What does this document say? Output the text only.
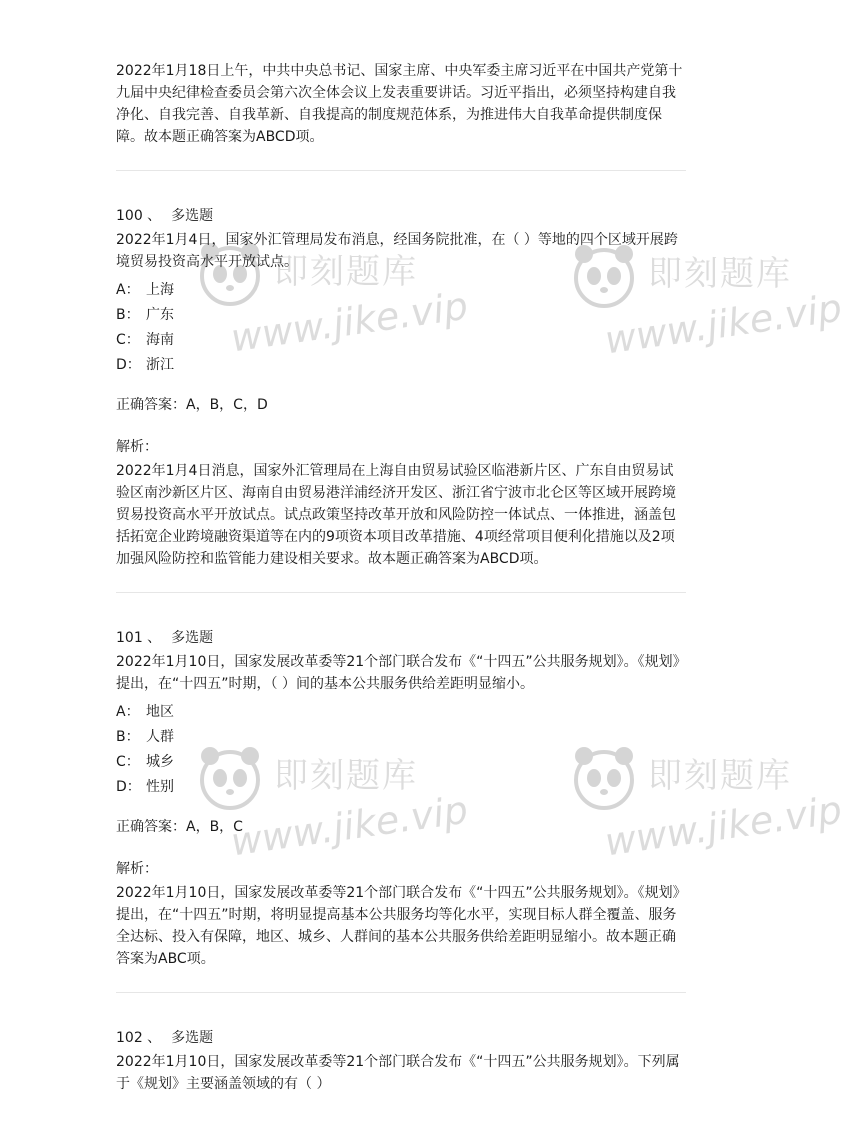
即刻题库
www.jike.vip
即刻题库
www.jike.vip
即刻题库
www.jike.vip
即刻题库
www.jike.vip

2022年1月18日上午，中共中央总书记、国家主席、中央军委主席习近平在中国共产党第十九届中央纪律检查委员会第六次全体会议上发表重要讲话。习近平指出，必须坚持构建自我净化、自我完善、自我革新、自我提高的制度规范体系，为推进伟大自我革命提供制度保障。故本题正确答案为ABCD项。

100 、 多选题
2022年1月4日，国家外汇管理局发布消息，经国务院批准，在（ ）等地的四个区域开展跨境贸易投资高水平开放试点。
A： 上海
B： 广东
C： 海南
D： 浙江
正确答案：A，B，C，D
解析：
2022年1月4日消息，国家外汇管理局在上海自由贸易试验区临港新片区、广东自由贸易试验区南沙新区片区、海南自由贸易港洋浦经济开发区、浙江省宁波市北仑区等区域开展跨境贸易投资高水平开放试点。试点政策坚持改革开放和风险防控一体试点、一体推进，涵盖包括拓宽企业跨境融资渠道等在内的9项资本项目改革措施、4项经常项目便利化措施以及2项加强风险防控和监管能力建设相关要求。故本题正确答案为ABCD项。
101 、 多选题
2022年1月10日，国家发展改革委等21个部门联合发布《“十四五”公共服务规划》。《规划》提出，在“十四五”时期，（ ）间的基本公共服务供给差距明显缩小。
A： 地区
B： 人群
C： 城乡
D： 性别
正确答案：A，B，C
解析：
2022年1月10日，国家发展改革委等21个部门联合发布《“十四五”公共服务规划》。《规划》提出，在“十四五”时期，将明显提高基本公共服务均等化水平，实现目标人群全覆盖、服务全达标、投入有保障，地区、城乡、人群间的基本公共服务供给差距明显缩小。故本题正确答案为ABC项。
102 、 多选题
2022年1月10日，国家发展改革委等21个部门联合发布《“十四五”公共服务规划》。下列属于《规划》主要涵盖领域的有（ ）
